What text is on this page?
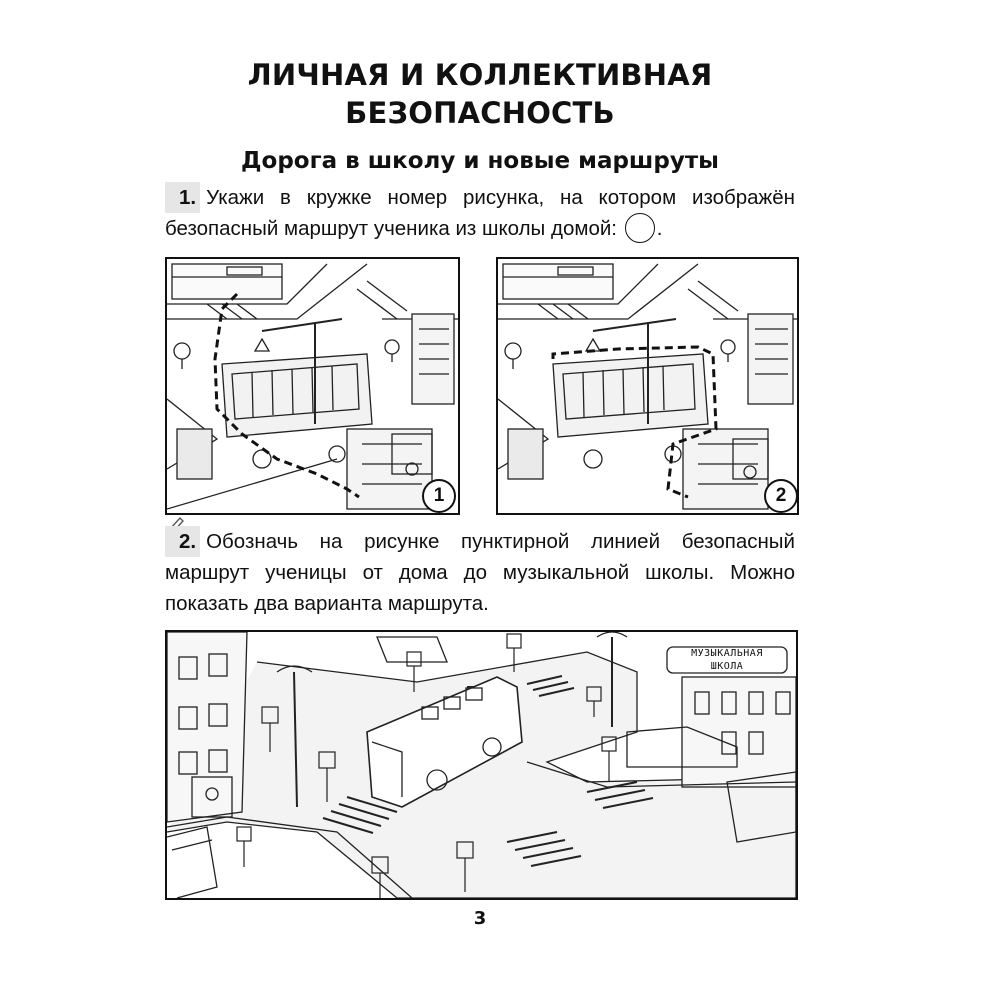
ЛИЧНАЯ И КОЛЛЕКТИВНАЯ
БЕЗОПАСНОСТЬ
Дорога в школу и новые маршруты
1. Укажи в кружке номер рисунка, на котором изображён безопасный маршрут ученика из школы домой: .
1	2
2. Обозначь на рисунке пунктирной линией безопасный маршрут ученицы от дома до музыкальной школы. Можно показать два варианта маршрута.
МУЗЫКАЛЬНАЯ
ШКОЛА
3
